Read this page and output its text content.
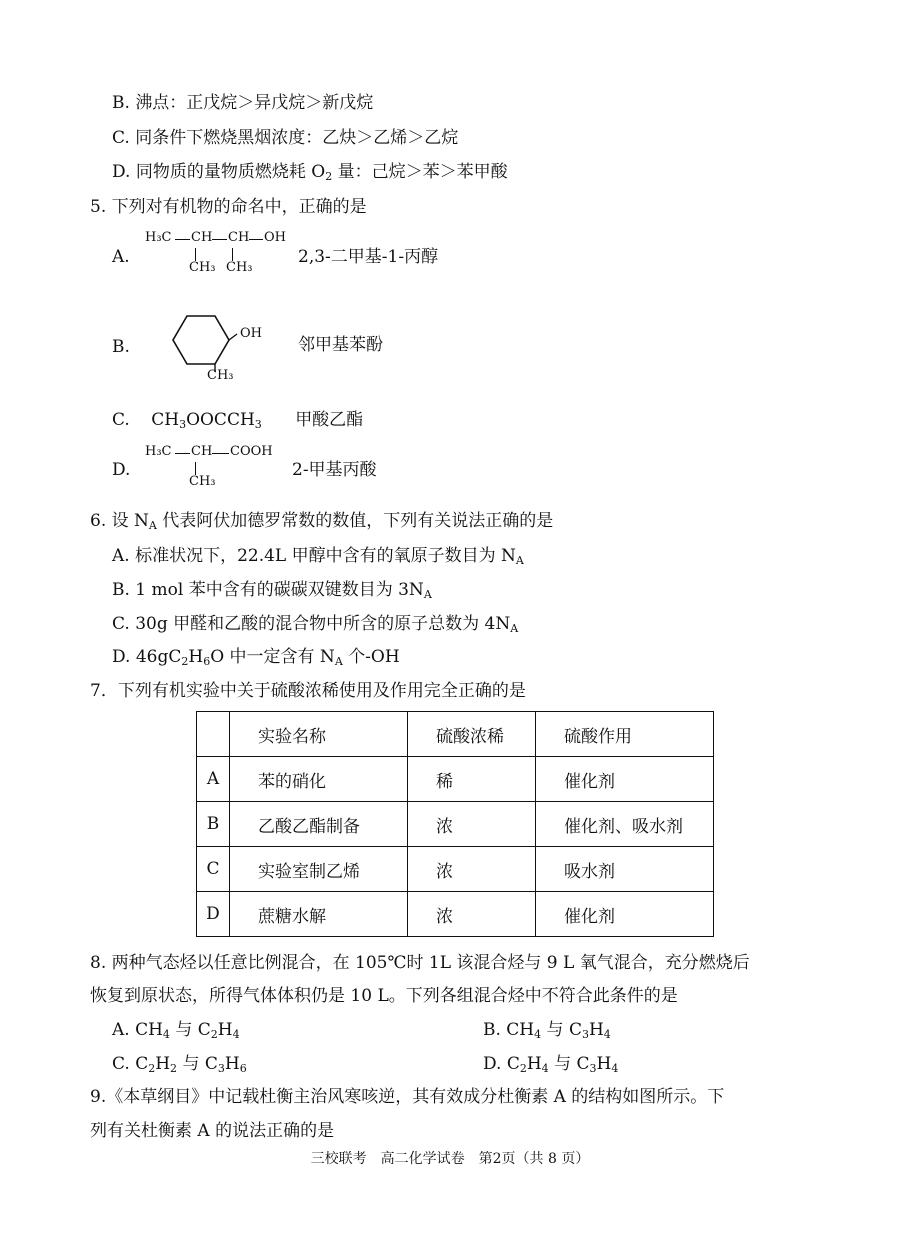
B. 沸点：正戊烷＞异戊烷＞新戊烷
C. 同条件下燃烧黑烟浓度：乙炔＞乙烯＞乙烷
D. 同物质的量物质燃烧耗 $O_2$ 量：己烷＞苯＞苯甲酸
5. 下列对有机物的命名中，正确的是
A.
H₃C CH CH OH
CH₃ CH₃
2,3-二甲基-1-丙醇
B.
OH
CH₃
邻甲基苯酚
C. $CH_3OOCCH_3$ 甲酸乙酯
D.
H₃C CH COOH
CH₃
2-甲基丙酸
6. 设 $N_A$ 代表阿伏加德罗常数的数值，下列有关说法正确的是
A. 标准状况下，22.4L 甲醇中含有的氧原子数目为 $N_A$
B. 1 mol 苯中含有的碳碳双键数目为 $3N_A$
C. 30g 甲醛和乙酸的混合物中所含的原子总数为 $4N_A$
D. $46gC_2H_6O$ 中一定含有 $N_A$ 个-OH
7．下列有机实验中关于硫酸浓稀使用及作用完全正确的是
	实验名称	硫酸浓稀	硫酸作用
A	苯的硝化	稀	催化剂
B	乙酸乙酯制备	浓	催化剂、吸水剂
C	实验室制乙烯	浓	吸水剂
D	蔗糖水解	浓	催化剂
8. 两种气态烃以任意比例混合，在 105℃时 1L 该混合烃与 9 L 氧气混合，充分燃烧后
恢复到原状态，所得气体体积仍是 10 L。下列各组混合烃中不符合此条件的是
A. $CH_4$ 与 $C_2H_4$	B. $CH_4$ 与 $C_3H_4$
C. $C_2H_2$ 与 $C_3H_6$	D. $C_2H_4$ 与 $C_3H_4$
9.《本草纲目》中记载杜衡主治风寒咳逆，其有效成分杜衡素 A 的结构如图所示。下
列有关杜衡素 A 的说法正确的是
三校联考　高二化学试卷　第2页（共 8 页）
